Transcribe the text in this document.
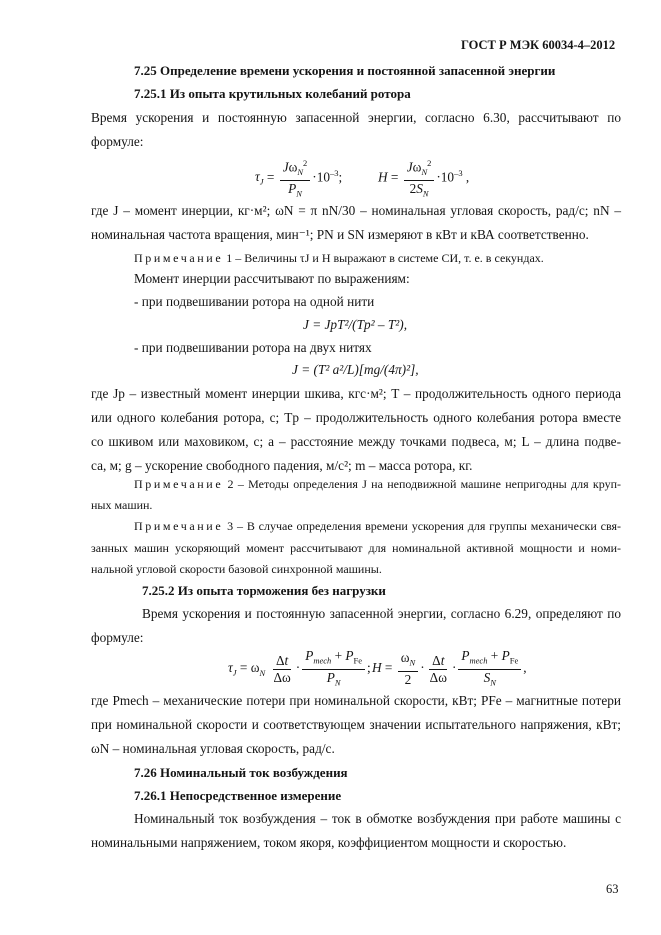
ГОСТ Р МЭК 60034-4–2012
7.25 Определение времени ускорения и постоянной запасенной энергии
7.25.1 Из опыта крутильных колебаний ротора
Время ускорения и постоянную запасенной энергии, согласно 6.30, рассчитывают по
формуле:
$\tau_J = \frac{J\omega_N^2}{P_N} \cdot 10^{-3}$;	$H = \frac{J\omega_N^2}{2S_N} \cdot 10^{-3}$ ,
где J – момент инерции, кг·м²; ωN = π nN/30 – номинальная угловая скорость, рад/с; nN –
номинальная частота вращения, мин⁻¹; PN и SN измеряют в кВт и кВА соответственно.
Примечание 1 – Величины τJ и H выражают в системе СИ, т. е. в секундах.
Момент инерции рассчитывают по выражениям:
- при подвешивании ротора на одной нити
J = JpT²/(Tp² – T²),
- при подвешивании ротора на двух нитях
J = (T² a²/L)[mg/(4π)²],
где Jp – известный момент инерции шкива, кгс·м²; T – продолжительность одного периода
или одного колебания ротора, с; Tp – продолжительность одного колебания ротора вместе
со шкивом или маховиком, с; a – расстояние между точками подвеса, м; L – длина подве-
са, м; g – ускорение свободного падения, м/с²; m – масса ротора, кг.
Примечание 2 – Методы определения J на неподвижной машине непригодны для круп-
ных машин.
Примечание 3 – В случае определения времени ускорения для группы механически свя-
занных машин ускоряющий момент рассчитывают для номинальной активной мощности и номи-
нальной угловой скорости базовой синхронной машины.
7.25.2 Из опыта торможения без нагрузки
Время ускорения и постоянную запасенной энергии, согласно 6.29, определяют по
формуле:
$\tau_J = \omega_N \frac{\Delta t}{\Delta\omega} \cdot \frac{P_{mech} + P_{Fe}}{P_N}$ ; $H = \frac{\omega_N}{2} \cdot \frac{\Delta t}{\Delta\omega} \cdot \frac{P_{mech} + P_{Fe}}{S_N}$ ,
где Pmech – механические потери при номинальной скорости, кВт; PFe – магнитные потери
при номинальной скорости и соответствующем значении испытательного напряжения, кВт;
ωN – номинальная угловая скорость, рад/с.
7.26 Номинальный ток возбуждения
7.26.1 Непосредственное измерение
Номинальный ток возбуждения – ток в обмотке возбуждения при работе машины с
номинальными напряжением, током якоря, коэффициентом мощности и скоростью.
63
